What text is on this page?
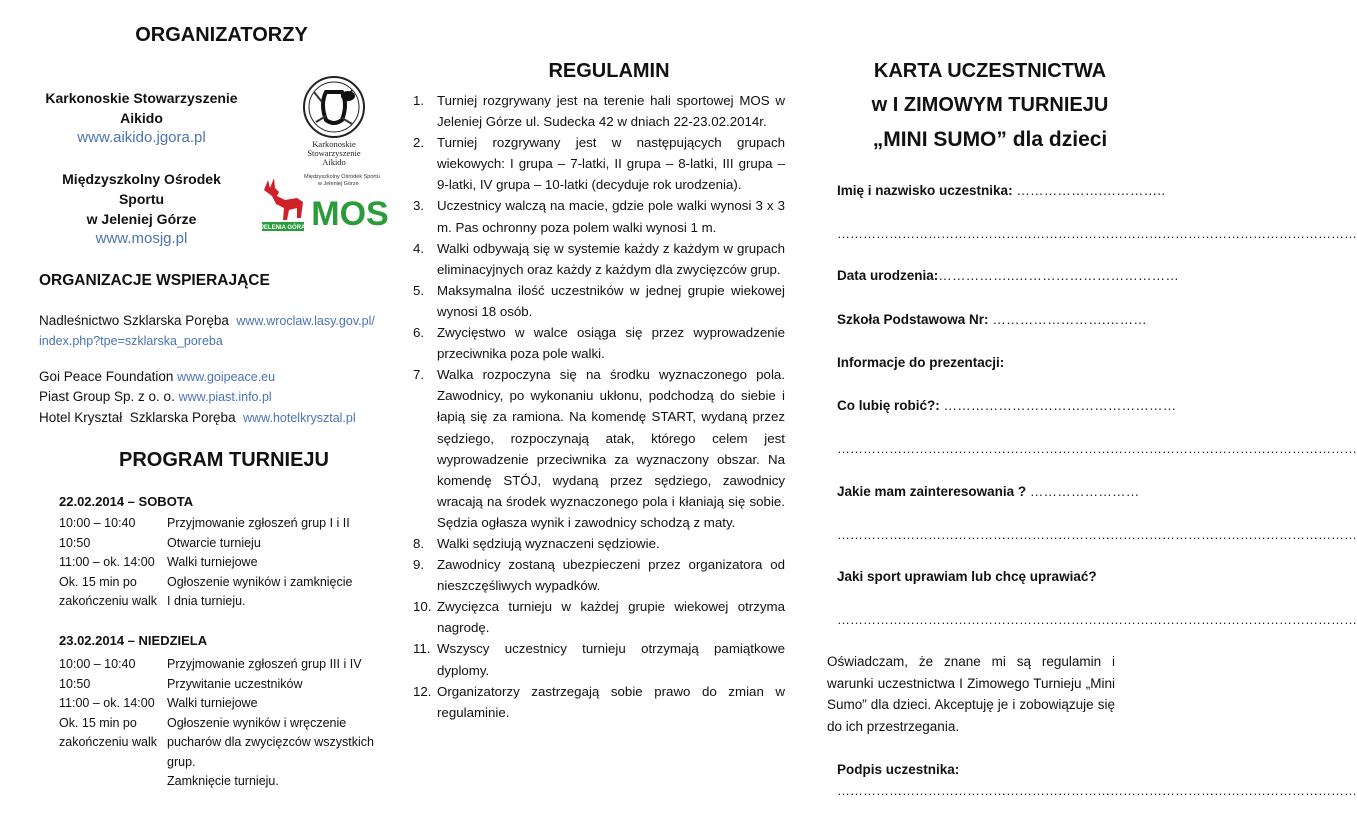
ORGANIZATORZY
Karkonoskie Stowarzyszenie
Aikido
www.aikido.jgora.pl	Karkonoskie
Stowarzyszenie
Aikido
Międzyszkolny Ośrodek
Sportu
w Jeleniej Górze
www.mosjg.pl
Międzyszkolny Ośrodek Sportu
w Jeleniej Górze
JELENIA GÓRA MOS
ORGANIZACJE WSPIERAJĄCE
Nadleśnictwo Szklarska Poręba www.wroclaw.lasy.gov.pl/
index.php?tpe=szklarska_poreba
Goi Peace Foundation www.goipeace.eu
Piast Group Sp. z o. o. www.piast.info.pl
Hotel Kryształ  Szklarska Poręba www.hotelkrysztal.pl
PROGRAM TURNIEJU
22.02.2014 – SOBOTA
10:00 – 10:40	Przyjmowanie zgłoszeń grup I i II
10:50	Otwarcie turnieju
11:00 – ok. 14:00 Walki turniejowe
Ok. 15 min po	Ogłoszenie wyników i zamknięcie
zakończeniu walk I dnia turnieju.
23.02.2014 – NIEDZIELA
10:00 – 10:40	Przyjmowanie zgłoszeń grup III i IV
10:50	Przywitanie uczestników
11:00 – ok. 14:00 Walki turniejowe
Ok. 15 min po	Ogłoszenie wyników i wręczenie
zakończeniu walk pucharów dla zwycięzców wszystkich
grup.
Zamknięcie turnieju.
REGULAMIN
1. Turniej rozgrywany jest na terenie hali sportowej MOS w Jeleniej Górze ul. Sudecka 42 w dniach 22-23.02.2014r.
2. Turniej rozgrywany jest w następujących grupach wiekowych: I grupa – 7-latki, II grupa – 8-latki, III grupa – 9-latki, IV grupa – 10-latki (decyduje rok urodzenia).
3. Uczestnicy walczą na macie, gdzie pole walki wynosi 3 x 3 m. Pas ochronny poza polem walki wynosi 1 m.
4. Walki odbywają się w systemie każdy z każdym w grupach eliminacyjnych oraz każdy z każdym dla zwycięzców grup.
5. Maksymalna ilość uczestników w jednej grupie wiekowej wynosi 18 osób.
6. Zwycięstwo w walce osiąga się przez wyprowadzenie przeciwnika poza pole walki.
7. Walka rozpoczyna się na środku wyznaczonego pola. Zawodnicy, po wykonaniu ukłonu, podchodzą do siebie i łapią się za ramiona. Na komendę START, wydaną przez sędziego, rozpoczynają atak, którego celem jest wyprowadzenie przeciwnika za wyznaczony obszar. Na komendę STÓJ, wydaną przez sędziego, zawodnicy wracają na środek wyznaczonego pola i kłaniają się sobie. Sędzia ogłasza wynik i zawodnicy schodzą z maty.
8. Walki sędziują wyznaczeni sędziowie.
9. Zawodnicy zostaną ubezpieczeni przez organizatora od nieszczęśliwych wypadków.
10. Zwycięzca turnieju w każdej grupie wiekowej otrzyma nagrodę.
11. Wszyscy uczestnicy turnieju otrzymają pamiątkowe dyplomy.
12. Organizatorzy zastrzegają sobie prawo do zmian w regulaminie.
KARTA UCZESTNICTWA
w I ZIMOWYM TURNIEJU
„MINI SUMO” dla dzieci
Imię i nazwisko uczestnika: ……………….…………..
…………………………………………………………………………………………………………
Data urodzenia:……………..………………………………
Szkoła Podstawowa Nr: …………………….………
Informacje do prezentacji:
Co lubię robić?: ……………………………………………
…………………………………………………………………………………………………………
Jakie mam zainteresowania ? ……………………
…………………………………………………………………………………………………………
Jaki sport uprawiam lub chcę uprawiać?
…………………………………………………………………………………………………………
Oświadczam, że znane mi są regulamin i warunki uczestnictwa I Zimowego Turnieju „Mini Sumo” dla dzieci. Akceptuję je i zobowiązuje się do ich przestrzegania.
Podpis uczestnika:
…………………………………………………………………………………………………………
